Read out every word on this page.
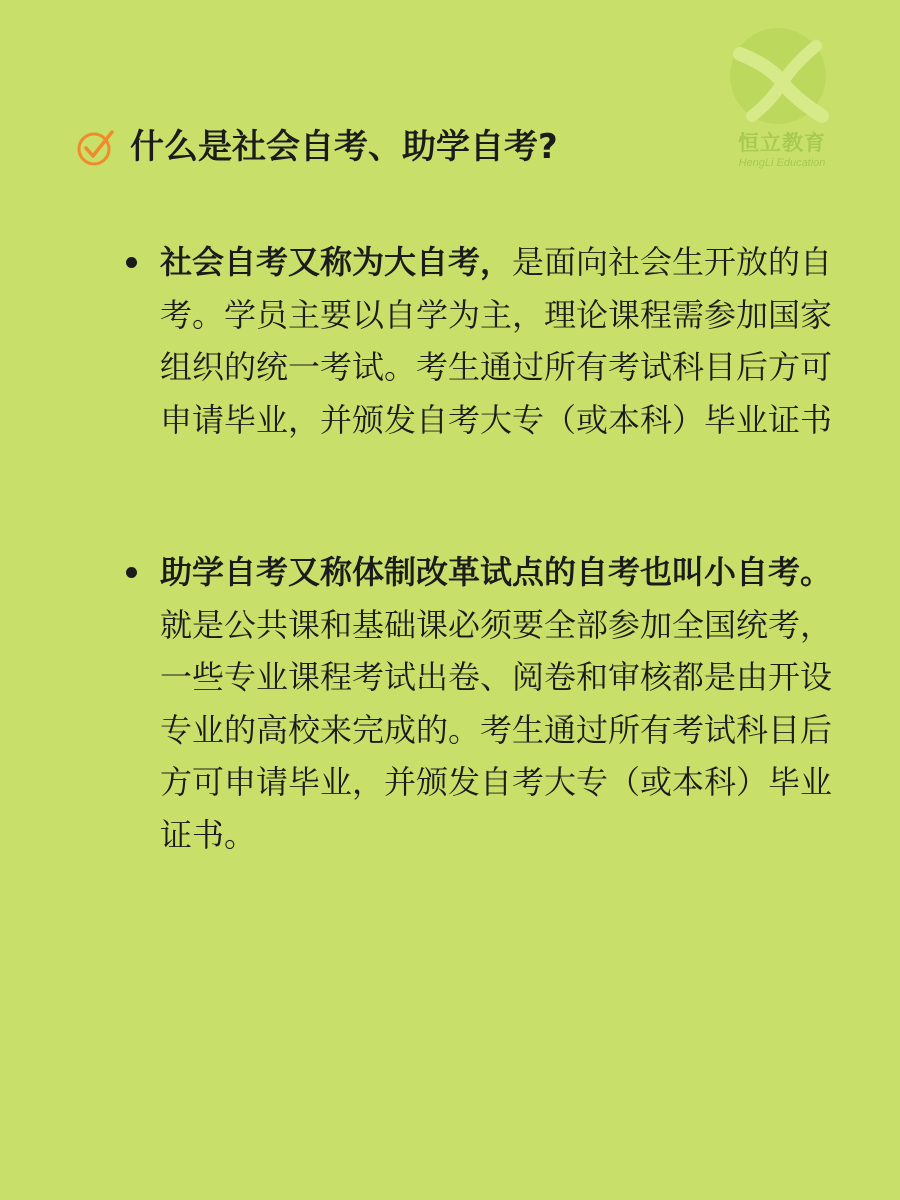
恒立教育
HengLi Education
什么是社会自考、助学自考?
社会自考又称为大自考，是面向社会生开放的自考。学员主要以自学为主，理论课程需参加国家组织的统一考试。考生通过所有考试科目后方可申请毕业，并颁发自考大专（或本科）毕业证书
助学自考又称体制改革试点的自考也叫小自考。就是公共课和基础课必须要全部参加全国统考，一些专业课程考试出卷、阅卷和审核都是由开设专业的高校来完成的。考生通过所有考试科目后方可申请毕业，并颁发自考大专（或本科）毕业证书。
